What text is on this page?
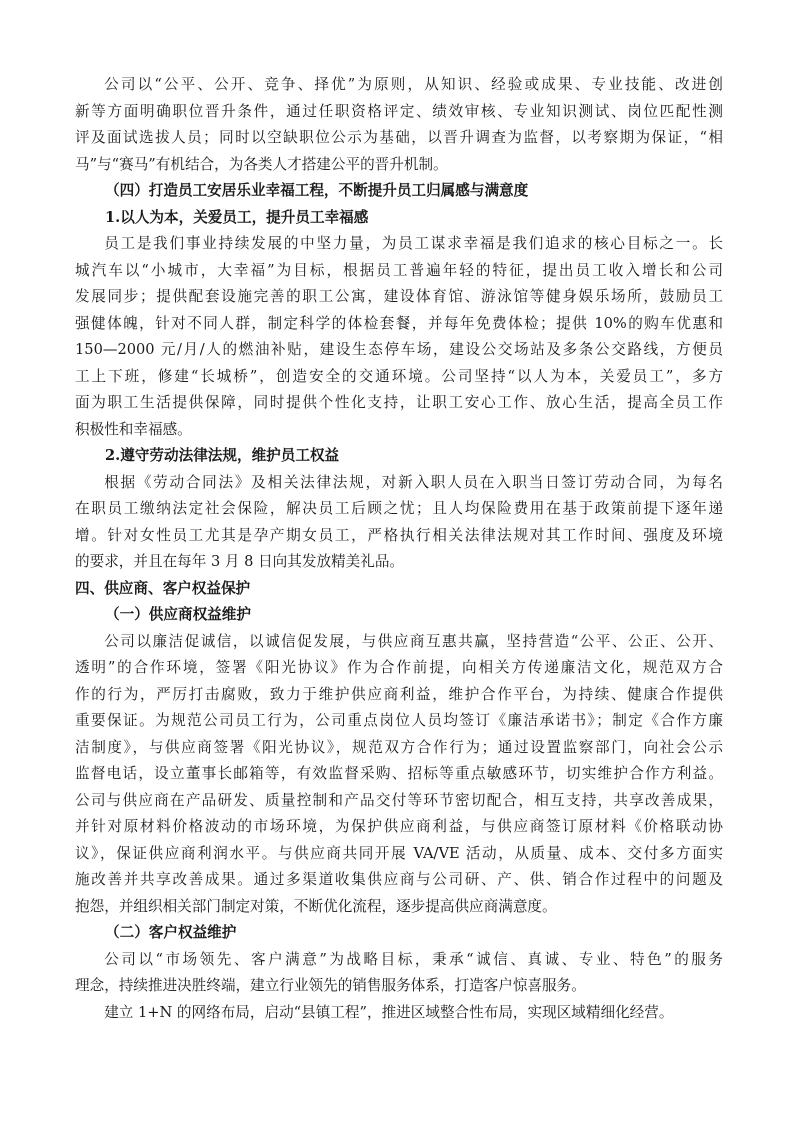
公司以“公平、公开、竞争、择优”为原则，从知识、经验或成果、专业技能、改进创
新等方面明确职位晋升条件，通过任职资格评定、绩效审核、专业知识测试、岗位匹配性测
评及面试选拔人员；同时以空缺职位公示为基础，以晋升调查为监督，以考察期为保证，“相
马”与“赛马”有机结合，为各类人才搭建公平的晋升机制。
（四）打造员工安居乐业幸福工程，不断提升员工归属感与满意度
1.以人为本，关爱员工，提升员工幸福感
员工是我们事业持续发展的中坚力量，为员工谋求幸福是我们追求的核心目标之一。长
城汽车以“小城市，大幸福”为目标，根据员工普遍年轻的特征，提出员工收入增长和公司
发展同步；提供配套设施完善的职工公寓，建设体育馆、游泳馆等健身娱乐场所，鼓励员工
强健体魄，针对不同人群，制定科学的体检套餐，并每年免费体检；提供 10%的购车优惠和
150—2000 元/月/人的燃油补贴，建设生态停车场，建设公交场站及多条公交路线，方便员
工上下班，修建“长城桥”，创造安全的交通环境。公司坚持“以人为本，关爱员工”，多方
面为职工生活提供保障，同时提供个性化支持，让职工安心工作、放心生活，提高全员工作
积极性和幸福感。
2.遵守劳动法律法规，维护员工权益
根据《劳动合同法》及相关法律法规，对新入职人员在入职当日签订劳动合同，为每名
在职员工缴纳法定社会保险，解决员工后顾之忧；且人均保险费用在基于政策前提下逐年递
增。针对女性员工尤其是孕产期女员工，严格执行相关法律法规对其工作时间、强度及环境
的要求，并且在每年 3 月 8 日向其发放精美礼品。
四、供应商、客户权益保护
（一）供应商权益维护
公司以廉洁促诚信，以诚信促发展，与供应商互惠共赢，坚持营造“公平、公正、公开、
透明”的合作环境，签署《阳光协议》作为合作前提，向相关方传递廉洁文化，规范双方合
作的行为，严厉打击腐败，致力于维护供应商利益，维护合作平台，为持续、健康合作提供
重要保证。为规范公司员工行为，公司重点岗位人员均签订《廉洁承诺书》；制定《合作方廉
洁制度》，与供应商签署《阳光协议》，规范双方合作行为；通过设置监察部门，向社会公示
监督电话，设立董事长邮箱等，有效监督采购、招标等重点敏感环节，切实维护合作方利益。
公司与供应商在产品研发、质量控制和产品交付等环节密切配合，相互支持，共享改善成果，
并针对原材料价格波动的市场环境，为保护供应商利益，与供应商签订原材料《价格联动协
议》，保证供应商利润水平。与供应商共同开展 VA/VE 活动，从质量、成本、交付多方面实
施改善并共享改善成果。通过多渠道收集供应商与公司研、产、供、销合作过程中的问题及
抱怨，并组织相关部门制定对策，不断优化流程，逐步提高供应商满意度。
（二）客户权益维护
公司以“市场领先、客户满意”为战略目标，秉承“诚信、真诚、专业、特色”的服务
理念，持续推进决胜终端，建立行业领先的销售服务体系，打造客户惊喜服务。
建立 1+N 的网络布局，启动“县镇工程”，推进区域整合性布局，实现区域精细化经营。
